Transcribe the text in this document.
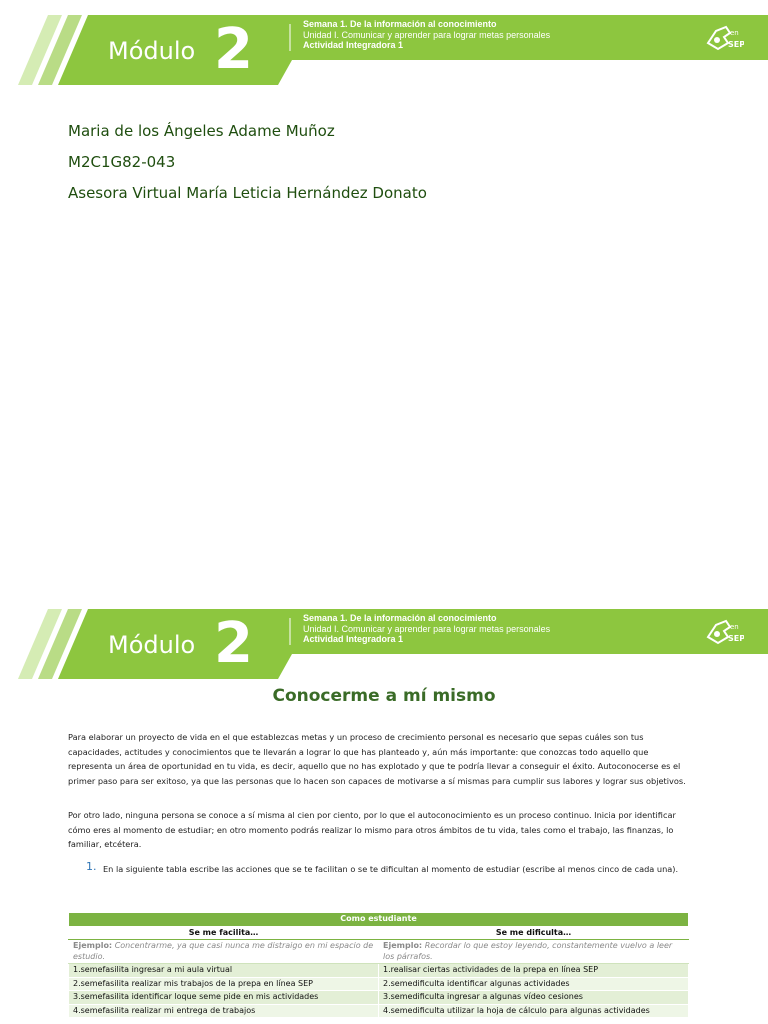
Módulo 2	Semana 1. De la información al conocimiento
Unidad I. Comunicar y aprender para lograr metas personales
Actividad Integradora 1
en
SEP
Maria de los Ángeles Adame Muñoz
M2C1G82-043
Asesora Virtual María Leticia Hernández Donato
Módulo 2	Semana 1. De la información al conocimiento
Unidad I. Comunicar y aprender para lograr metas personales
Actividad Integradora 1
en
SEP
Conocerme a mí mismo
Para elaborar un proyecto de vida en el que establezcas metas y un proceso de crecimiento personal es necesario que sepas cuáles son tus capacidades, actitudes y conocimientos que te llevarán a lograr lo que has planteado y, aún más importante: que conozcas todo aquello que representa un área de oportunidad en tu vida, es decir, aquello que no has explotado y que te podría llevar a conseguir el éxito. Autoconocerse es el primer paso para ser exitoso, ya que las personas que lo hacen son capaces de motivarse a sí mismas para cumplir sus labores y lograr sus objetivos.
Por otro lado, ninguna persona se conoce a sí misma al cien por ciento, por lo que el autoconocimiento es un proceso continuo. Inicia por identificar cómo eres al momento de estudiar; en otro momento podrás realizar lo mismo para otros ámbitos de tu vida, tales como el trabajo, las finanzas, lo familiar, etcétera.
1. En la siguiente tabla escribe las acciones que se te facilitan o se te dificultan al momento de estudiar (escribe al menos cinco de cada una).
Como estudiante	
Se me facilita…	Se me dificulta…
Ejemplo: Concentrarme, ya que casi nunca me distraigo en mi espacio de estudio.	Ejemplo: Recordar lo que estoy leyendo, constantemente vuelvo a leer los párrafos.
1.semefasilita ingresar a mi aula virtual	1.realisar ciertas actividades de la prepa en línea SEP
2.semefasilita realizar mis trabajos de la prepa en línea SEP	2.semedificulta identificar algunas actividades
3.semefasilita identificar loque seme pide en mis actividades	3.semedificulta ingresar a algunas vídeo cesiones
4.semefasilita realizar mi entrega de trabajos	4.semedificulta utilizar la hoja de cálculo para algunas actividades
